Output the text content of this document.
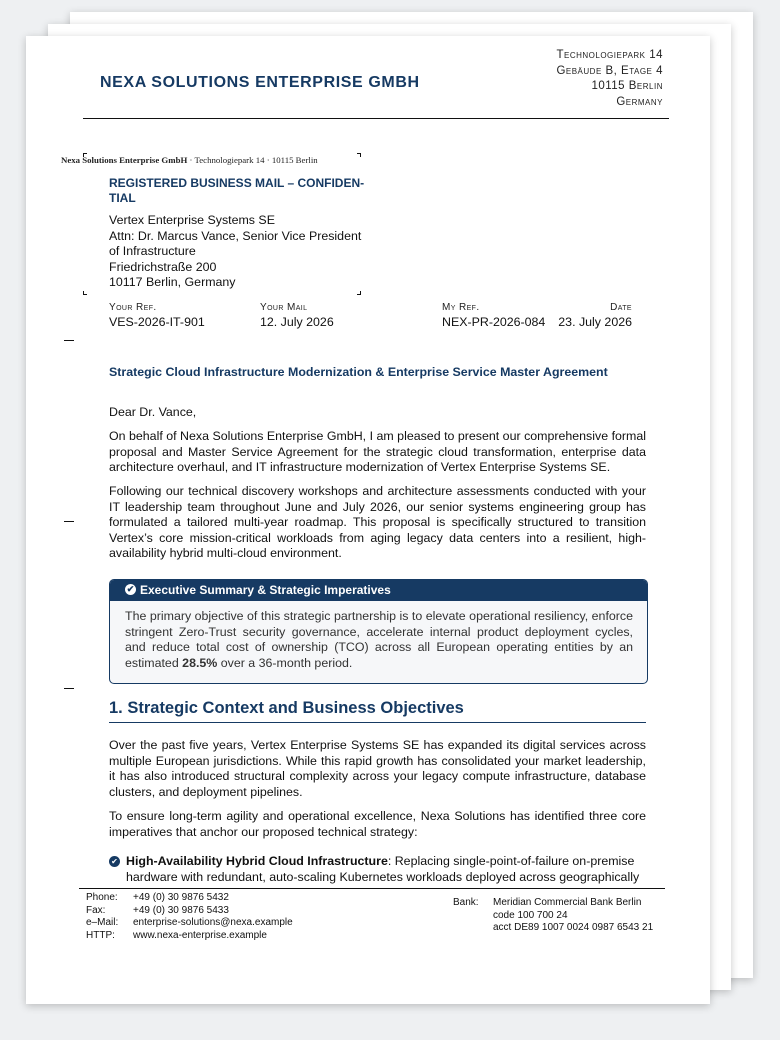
NEXA SOLUTIONS ENTERPRISE GMBH
Technologiepark 14
Gebäude B, Etage 4
10115 Berlin
Germany
Nexa Solutions Enterprise GmbH · Technologiepark 14 · 10115 Berlin
REGISTERED BUSINESS MAIL – CONFIDEN-TIAL
Vertex Enterprise Systems SE
Attn: Dr. Marcus Vance, Senior Vice President of Infrastructure
Friedrichstraße 200
10117 Berlin, Germany
Your Ref.
VES-2026-IT-901
Your Mail
12. July 2026
My Ref.
NEX-PR-2026-084
Date
23. July 2026
Strategic Cloud Infrastructure Modernization & Enterprise Service Master Agreement
Dear Dr. Vance,
On behalf of Nexa Solutions Enterprise GmbH, I am pleased to present our comprehensive formal proposal and Master Service Agreement for the strategic cloud transformation, enterprise data architecture overhaul, and IT infrastructure modernization of Vertex Enterprise Systems SE.
Following our technical discovery workshops and architecture assessments conducted with your IT leadership team throughout June and July 2026, our senior systems engineering group has formulated a tailored multi-year roadmap. This proposal is specifically structured to transition Vertex’s core mission-critical workloads from aging legacy data centers into a resilient, high-availability hybrid multi-cloud environment.
✔ Executive Summary & Strategic Imperatives
The primary objective of this strategic partnership is to elevate operational resiliency, enforce stringent Zero-Trust security governance, accelerate internal product deployment cycles, and reduce total cost of ownership (TCO) across all European operating entities by an estimated 28.5% over a 36-month period.
1. Strategic Context and Business Objectives
Over the past five years, Vertex Enterprise Systems SE has expanded its digital services across multiple European jurisdictions. While this rapid growth has consolidated your market leadership, it has also introduced structural complexity across your legacy compute infrastructure, database clusters, and deployment pipelines.
To ensure long-term agility and operational excellence, Nexa Solutions has identified three core imperatives that anchor our proposed technical strategy:
✔ High-Availability Hybrid Cloud Infrastructure: Replacing single-point-of-failure on-premise hardware with redundant, auto-scaling Kubernetes workloads deployed across geographically
Phone: +49 (0) 30 9876 5432
Fax:	+49 (0) 30 9876 5433
e–Mail: enterprise-solutions@nexa.example
HTTP: www.nexa-enterprise.example
Bank: Meridian Commercial Bank Berlin
code 100 700 24
acct DE89 1007 0024 0987 6543 21
